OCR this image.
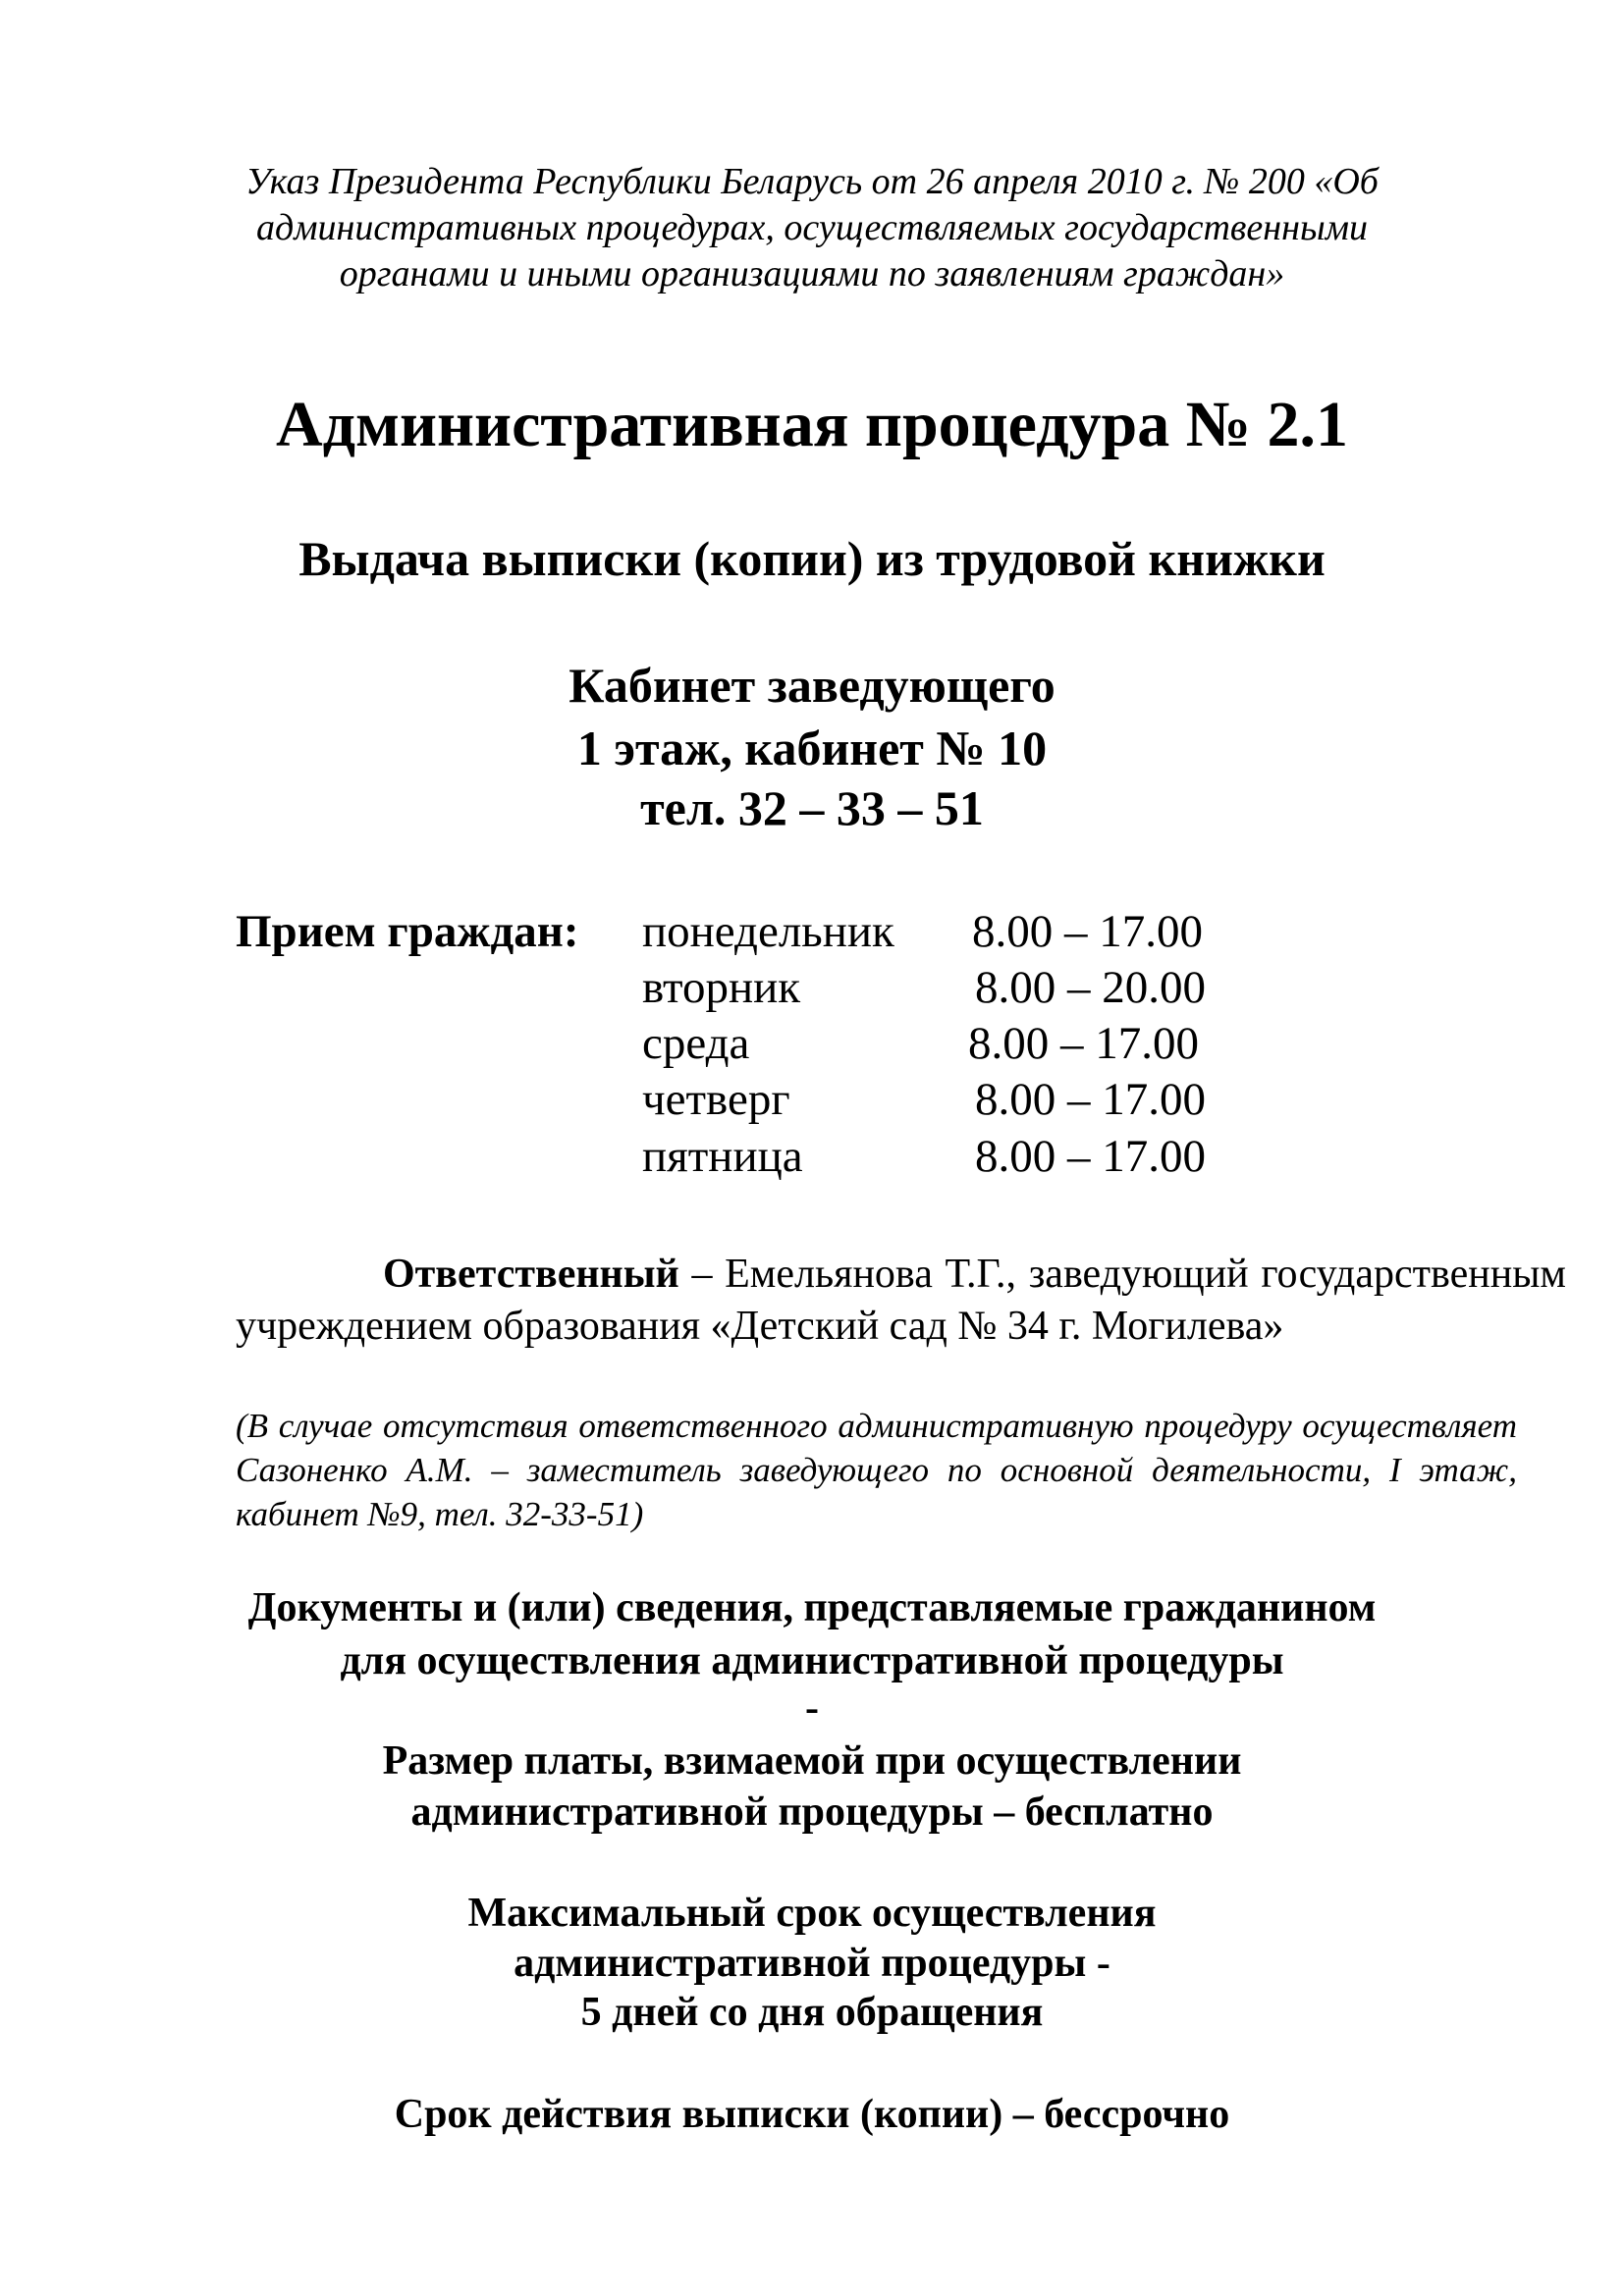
Указ Президента Республики Беларусь от 26 апреля 2010 г. № 200 «Об
административных процедурах, осуществляемых государственными
органами и иными организациями по заявлениям граждан»
Административная процедура № 2.1
Выдача выписки (копии) из трудовой книжки
Кабинет заведующего
1 этаж, кабинет № 10
тел. 32 – 33 – 51
Прием граждан: понедельник 8.00 – 17.00
вторник	8.00 – 20.00
среда	8.00 – 17.00
четверг	8.00 – 17.00
пятница	8.00 – 17.00
Ответственный – Емельянова Т.Г., заведующий государственным учреждением образования «Детский сад № 34 г. Могилева»
(В случае отсутствия ответственного административную процедуру осуществляет Сазоненко А.М. – заместитель заведующего по основной деятельности, I этаж, кабинет №9, тел. 32-33-51)
Документы и (или) сведения, представляемые гражданином
для осуществления административной процедуры
-
Размер платы, взимаемой при осуществлении
административной процедуры – бесплатно
Максимальный срок осуществления
административной процедуры -
5 дней со дня обращения
Срок действия выписки (копии) – бессрочно
